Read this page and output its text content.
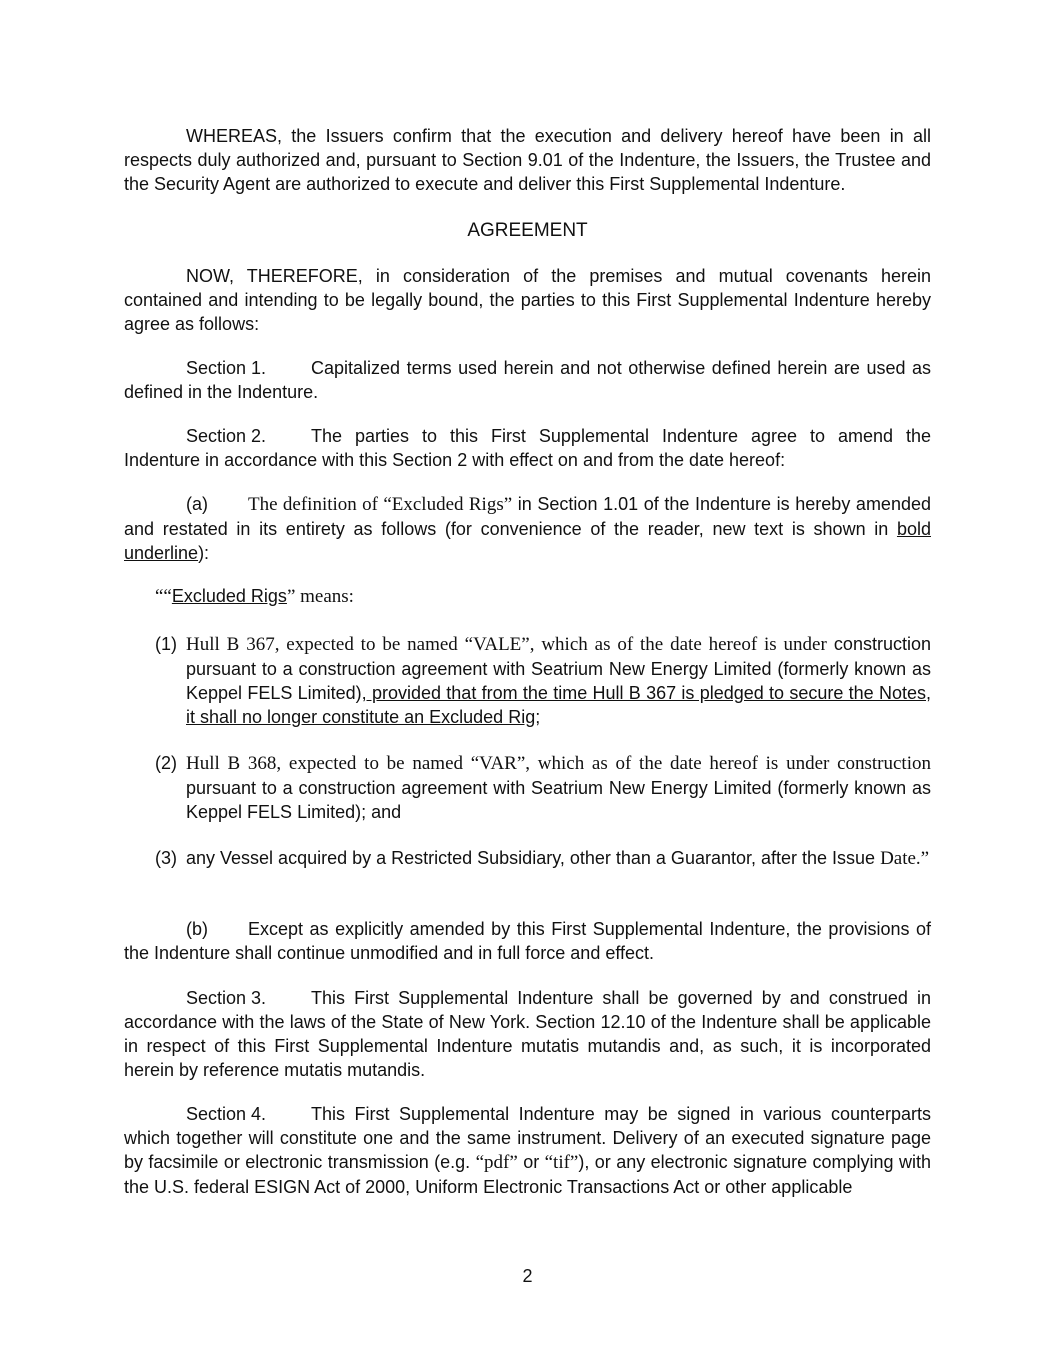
WHEREAS, the Issuers confirm that the execution and delivery hereof have been in all respects duly authorized and, pursuant to Section 9.01 of the Indenture, the Issuers, the Trustee and the Security Agent are authorized to execute and deliver this First Supplemental Indenture.

AGREEMENT

NOW, THEREFORE, in consideration of the premises and mutual covenants herein contained and intending to be legally bound, the parties to this First Supplemental Indenture hereby agree as follows:

Section 1. Capitalized terms used herein and not otherwise defined herein are used as defined in the Indenture.

Section 2. The parties to this First Supplemental Indenture agree to amend the Indenture in accordance with this Section 2 with effect on and from the date hereof:

(a) The definition of “Excluded Rigs” in Section 1.01 of the Indenture is hereby amended and restated in its entirety as follows (for convenience of the reader, new text is shown in bold underline):

““Excluded Rigs” means:

(1) Hull B 367, expected to be named “VALE”, which as of the date hereof is under construction pursuant to a construction agreement with Seatrium New Energy Limited (formerly known as Keppel FELS Limited), provided that from the time Hull B 367 is pledged to secure the Notes, it shall no longer constitute an Excluded Rig;
(2) Hull B 368, expected to be named “VAR”, which as of the date hereof is under construction pursuant to a construction agreement with Seatrium New Energy Limited (formerly known as Keppel FELS Limited); and
(3) any Vessel acquired by a Restricted Subsidiary, other than a Guarantor, after the Issue Date.”

(b) Except as explicitly amended by this First Supplemental Indenture, the provisions of the Indenture shall continue unmodified and in full force and effect.

Section 3. This First Supplemental Indenture shall be governed by and construed in accordance with the laws of the State of New York. Section 12.10 of the Indenture shall be applicable in respect of this First Supplemental Indenture mutatis mutandis and, as such, it is incorporated herein by reference mutatis mutandis.

Section 4. This First Supplemental Indenture may be signed in various counterparts which together will constitute one and the same instrument. Delivery of an executed signature page by facsimile or electronic transmission (e.g. “pdf” or “tif”), or any electronic signature complying with the U.S. federal ESIGN Act of 2000, Uniform Electronic Transactions Act or other applicable

2
